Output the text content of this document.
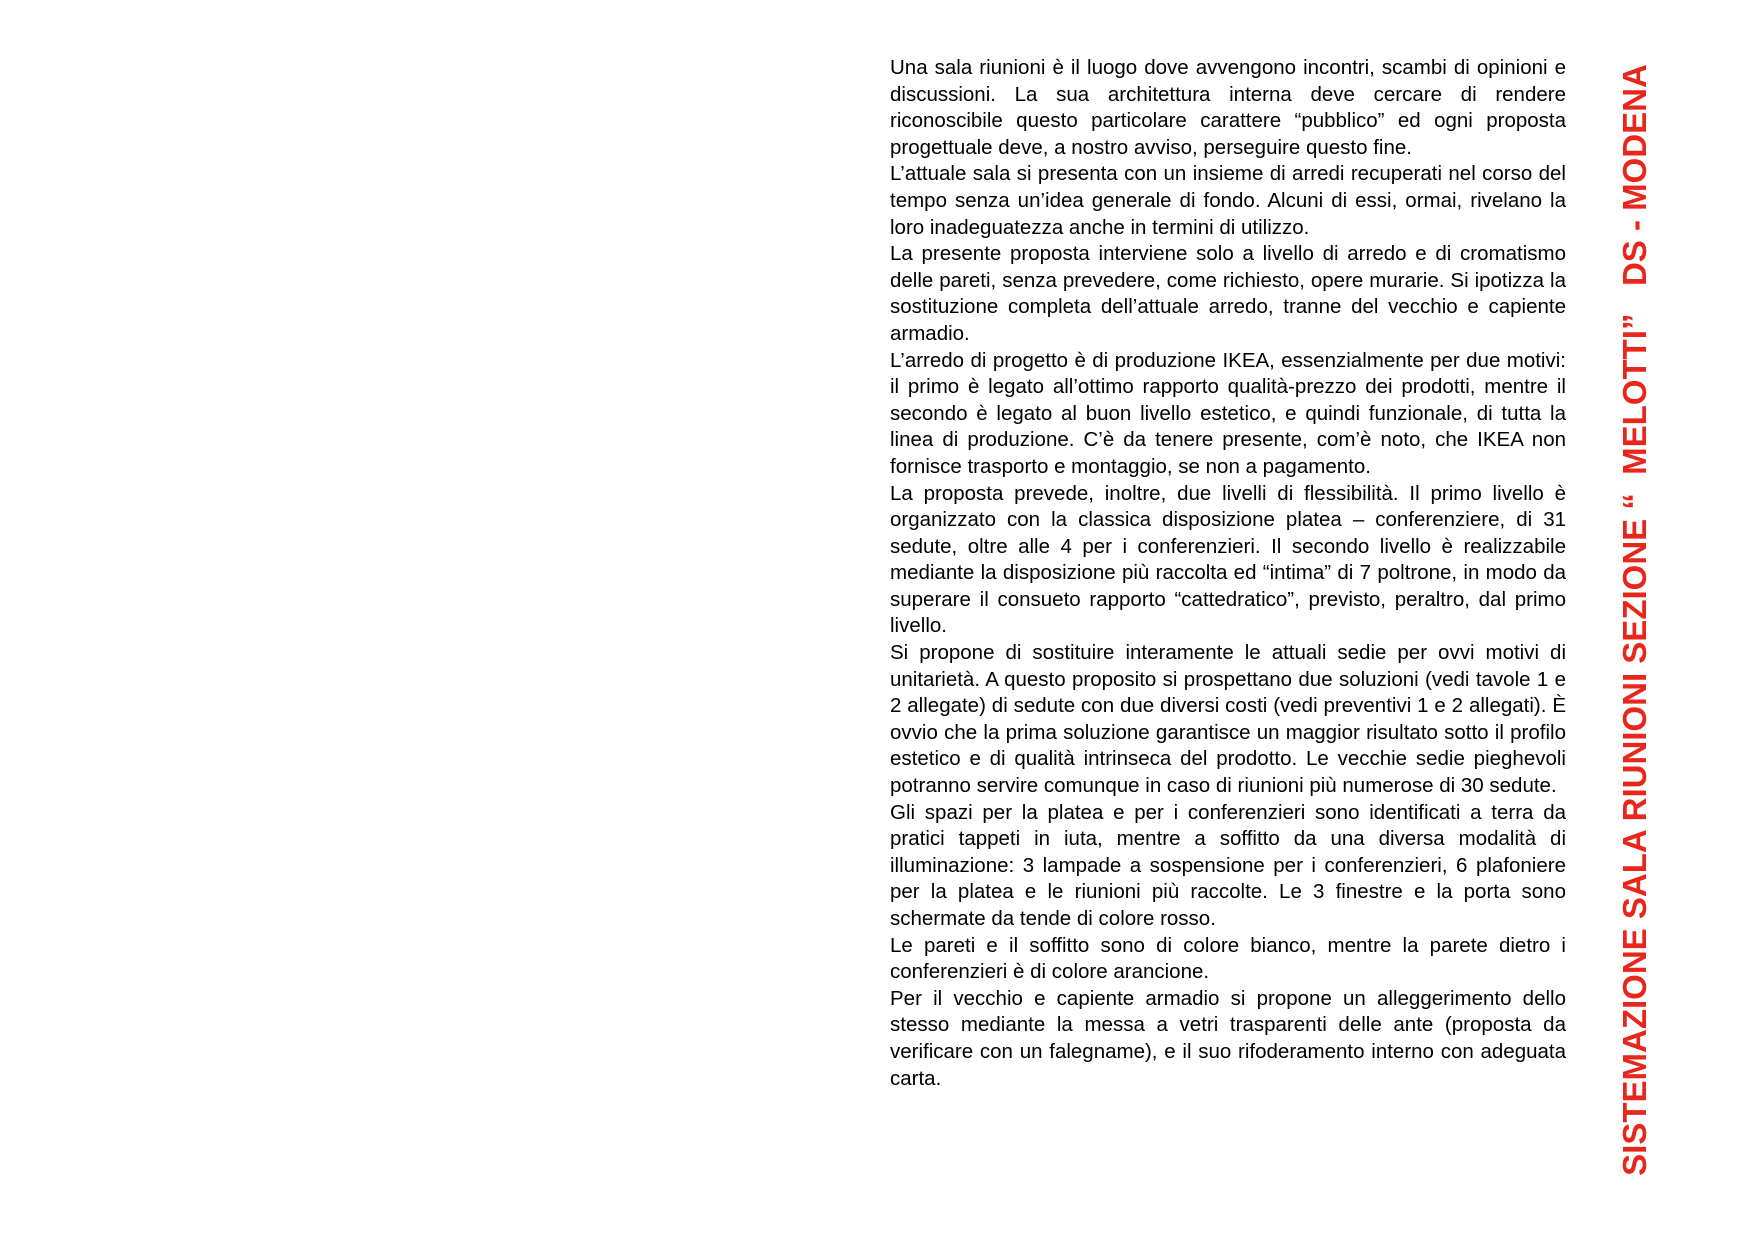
Una sala riunioni è il luogo dove avvengono incontri, scambi di opinioni e discussioni. La sua architettura interna deve cercare di rendere riconoscibile questo particolare carattere “pubblico” ed ogni proposta progettuale deve, a nostro avviso, perseguire questo fine.

L’attuale sala si presenta con un insieme di arredi recuperati nel corso del tempo senza un’idea generale di fondo. Alcuni di essi, ormai, rivelano la loro inadeguatezza anche in termini di utilizzo.

La presente proposta interviene solo a livello di arredo e di cromatismo delle pareti, senza prevedere, come richiesto, opere murarie. Si ipotizza la sostituzione completa dell’attuale arredo, tranne del vecchio e capiente armadio.

L’arredo di progetto è di produzione IKEA, essenzialmente per due motivi: il primo è legato all’ottimo rapporto qualità-prezzo dei prodotti, mentre il secondo è legato al buon livello estetico, e quindi funzionale, di tutta la linea di produzione. C’è da tenere presente, com’è noto, che IKEA non fornisce trasporto e montaggio, se non a pagamento.

La proposta prevede, inoltre, due livelli di flessibilità. Il primo livello è organizzato con la classica disposizione platea – conferenziere, di 31 sedute, oltre alle 4 per i conferenzieri. Il secondo livello è realizzabile mediante la disposizione più raccolta ed “intima” di 7 poltrone, in modo da superare il consueto rapporto “cattedratico”, previsto, peraltro, dal primo livello.

Si propone di sostituire interamente le attuali sedie per ovvi motivi di unitarietà. A questo proposito si prospettano due soluzioni (vedi tavole 1 e 2 allegate) di sedute con due diversi costi (vedi preventivi 1 e 2 allegati). È ovvio che la prima soluzione garantisce un maggior risultato sotto il profilo estetico e di qualità intrinseca del prodotto. Le vecchie sedie pieghevoli potranno servire comunque in caso di riunioni più numerose di 30 sedute.

Gli spazi per la platea e per i conferenzieri sono identificati a terra da pratici tappeti in iuta, mentre a soffitto da una diversa modalità di illuminazione: 3 lampade a sospensione per i conferenzieri, 6 plafoniere per la platea e le riunioni più raccolte. Le 3 finestre e la porta sono schermate da tende di colore rosso.

Le pareti e il soffitto sono di colore bianco, mentre la parete dietro i conferenzieri è di colore arancione.

Per il vecchio e capiente armadio si propone un alleggerimento dello stesso mediante la messa a vetri trasparenti delle ante (proposta da verificare con un falegname), e il suo rifoderamento interno con adeguata carta.	SISTEMAZIONE SALA RIUNIONI SEZIONE “  MELOTTI”   DS - MODENA
